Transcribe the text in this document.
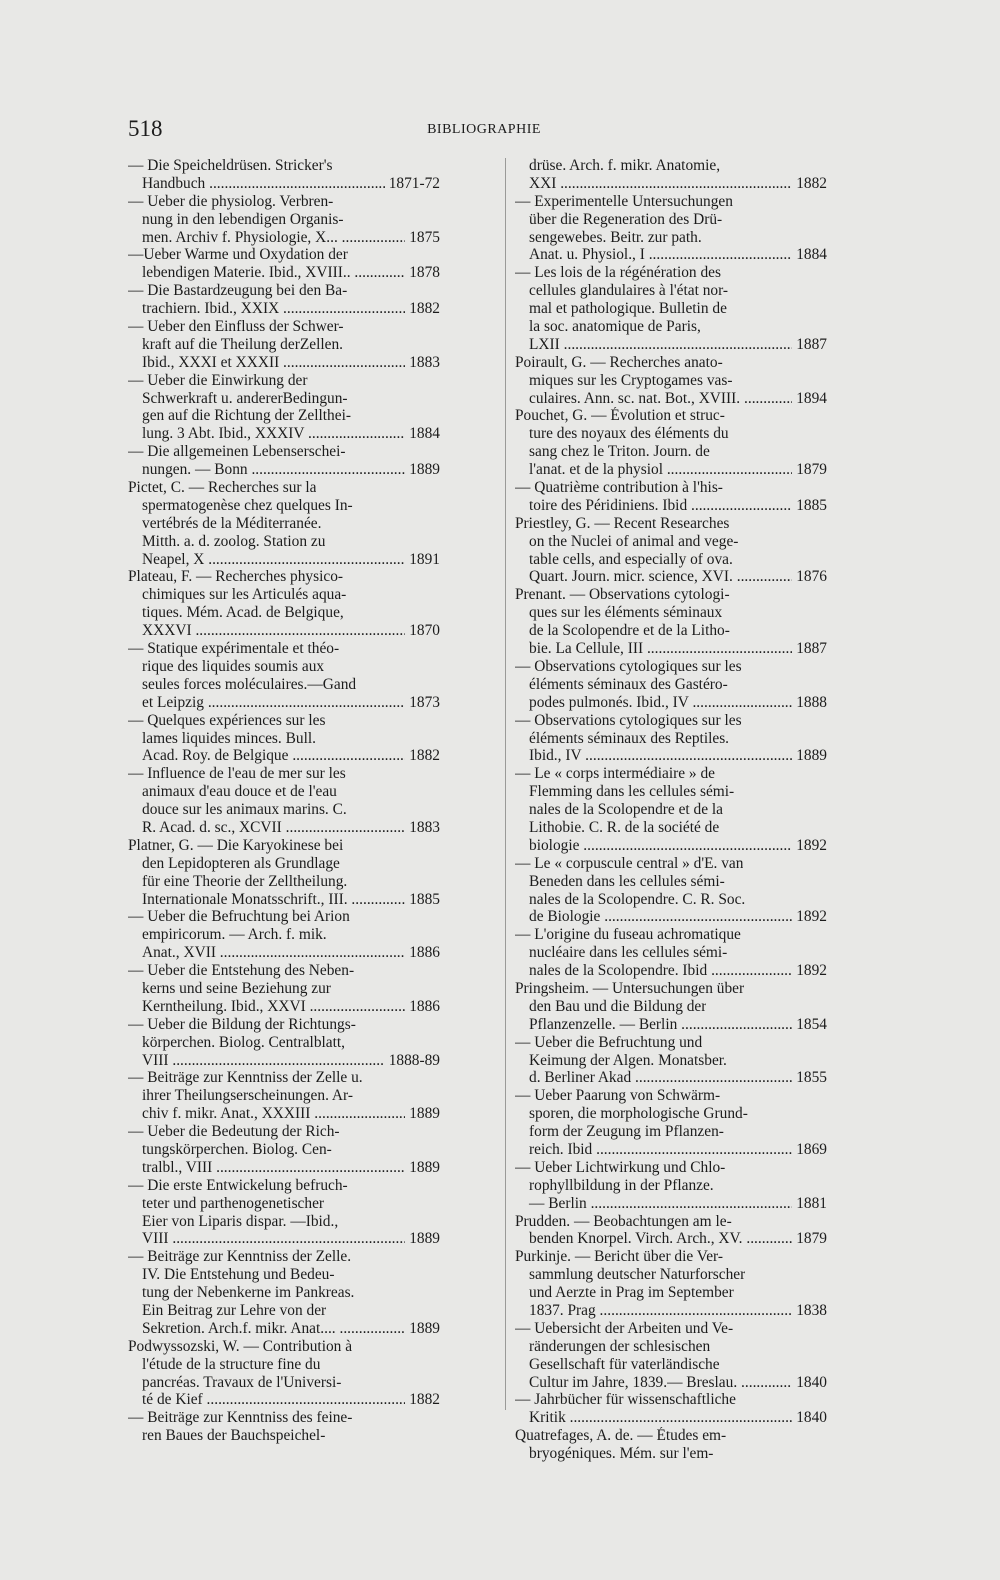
518	BIBLIOGRAPHIE
— Die Speicheldrüsen. Stricker's
Handbuch .....	1871-72
— Ueber die physiolog. Verbren-
nung in den lebendigen Organis-
men. Archiv f. Physiologie, X... .....	1875
—Ueber Warme und Oxydation der
lebendigen Materie. Ibid., XVIII.. .....	1878
— Die Bastardzeugung bei den Ba-
trachiern. Ibid., XXIX .....	1882
— Ueber den Einfluss der Schwer-
kraft auf die Theilung derZellen.
Ibid., XXXI et XXXII .....	1883
— Ueber die Einwirkung der
Schwerkraft u. andererBedingun-
gen auf die Richtung der Zellthei-
lung. 3 Abt. Ibid., XXXIV .....	1884
— Die allgemeinen Lebenserschei-
nungen. — Bonn .....	1889
Pictet, C. — Recherches sur la
spermatogenèse chez quelques In-
vertébrés de la Méditerranée.
Mitth. a. d. zoolog. Station zu
Neapel, X .....	1891
Plateau, F. — Recherches physico-
chimiques sur les Articulés aqua-
tiques. Mém. Acad. de Belgique,
XXXVI .....	1870
— Statique expérimentale et théo-
rique des liquides soumis aux
seules forces moléculaires.—Gand
et Leipzig .....	1873
— Quelques expériences sur les
lames liquides minces. Bull.
Acad. Roy. de Belgique .....	1882
— Influence de l'eau de mer sur les
animaux d'eau douce et de l'eau
douce sur les animaux marins. C.
R. Acad. d. sc., XCVII .....	1883
Platner, G. — Die Karyokinese bei
den Lepidopteren als Grundlage
für eine Theorie der Zelltheilung.
Internationale Monatsschrift., III. .....	1885
— Ueber die Befruchtung bei Arion
empiricorum. — Arch. f. mik.
Anat., XVII .....	1886
— Ueber die Entstehung des Neben-
kerns und seine Beziehung zur
Kerntheilung. Ibid., XXVI .....	1886
— Ueber die Bildung der Richtungs-
körperchen. Biolog. Centralblatt,
VIII .....	1888-89
— Beiträge zur Kenntniss der Zelle u.
ihrer Theilungserscheinungen. Ar-
chiv f. mikr. Anat., XXXIII .....	1889
— Ueber die Bedeutung der Rich-
tungskörperchen. Biolog. Cen-
tralbl., VIII .....	1889
— Die erste Entwickelung befruch-
teter und parthenogenetischer
Eier von Liparis dispar. —Ibid.,
VIII .....	1889
— Beiträge zur Kenntniss der Zelle.
IV. Die Entstehung und Bedeu-
tung der Nebenkerne im Pankreas.
Ein Beitrag zur Lehre von der
Sekretion. Arch.f. mikr. Anat.... .....	1889
Podwyssozski, W. — Contribution à
l'étude de la structure fine du
pancréas. Travaux de l'Universi-
té de Kief .....	1882
— Beiträge zur Kenntniss des feine-
ren Baues der Bauchspeichel-
drüse. Arch. f. mikr. Anatomie,
XXI .....	1882
— Experimentelle Untersuchungen
über die Regeneration des Drü-
sengewebes. Beitr. zur path.
Anat. u. Physiol., I .....	1884
— Les lois de la régénération des
cellules glandulaires à l'état nor-
mal et pathologique. Bulletin de
la soc. anatomique de Paris,
LXII .....	1887
Poirault, G. — Recherches anato-
miques sur les Cryptogames vas-
culaires. Ann. sc. nat. Bot., XVIII. .....	1894
Pouchet, G. — Évolution et struc-
ture des noyaux des éléments du
sang chez le Triton. Journ. de
l'anat. et de la physiol .....	1879
— Quatrième contribution à l'his-
toire des Péridiniens. Ibid .....	1885
Priestley, G. — Recent Researches
on the Nuclei of animal and vege-
table cells, and especially of ova.
Quart. Journ. micr. science, XVI. .....	1876
Prenant. — Observations cytologi-
ques sur les éléments séminaux
de la Scolopendre et de la Litho-
bie. La Cellule, III .....	1887
— Observations cytologiques sur les
éléments séminaux des Gastéro-
podes pulmonés. Ibid., IV .....	1888
— Observations cytologiques sur les
éléments séminaux des Reptiles.
Ibid., IV .....	1889
— Le « corps intermédiaire » de
Flemming dans les cellules sémi-
nales de la Scolopendre et de la
Lithobie. C. R. de la société de
biologie .....	1892
— Le « corpuscule central » d'E. van
Beneden dans les cellules sémi-
nales de la Scolopendre. C. R. Soc.
de Biologie .....	1892
— L'origine du fuseau achromatique
nucléaire dans les cellules sémi-
nales de la Scolopendre. Ibid .....	1892
Pringsheim. — Untersuchungen über
den Bau und die Bildung der
Pflanzenzelle. — Berlin .....	1854
— Ueber die Befruchtung und
Keimung der Algen. Monatsber.
d. Berliner Akad .....	1855
— Ueber Paarung von Schwärm-
sporen, die morphologische Grund-
form der Zeugung im Pflanzen-
reich. Ibid .....	1869
— Ueber Lichtwirkung und Chlo-
rophyllbildung in der Pflanze.
— Berlin .....	1881
Prudden. — Beobachtungen am le-
benden Knorpel. Virch. Arch., XV. .....	1879
Purkinje. — Bericht über die Ver-
sammlung deutscher Naturforscher
und Aerzte in Prag im September
1837. Prag .....	1838
— Uebersicht der Arbeiten und Ve-
ränderungen der schlesischen
Gesellschaft für vaterländische
Cultur im Jahre, 1839.— Breslau. .....	1840
— Jahrbücher für wissenschaftliche
Kritik .....	1840
Quatrefages, A. de. — Études em-
bryogéniques. Mém. sur l'em-
